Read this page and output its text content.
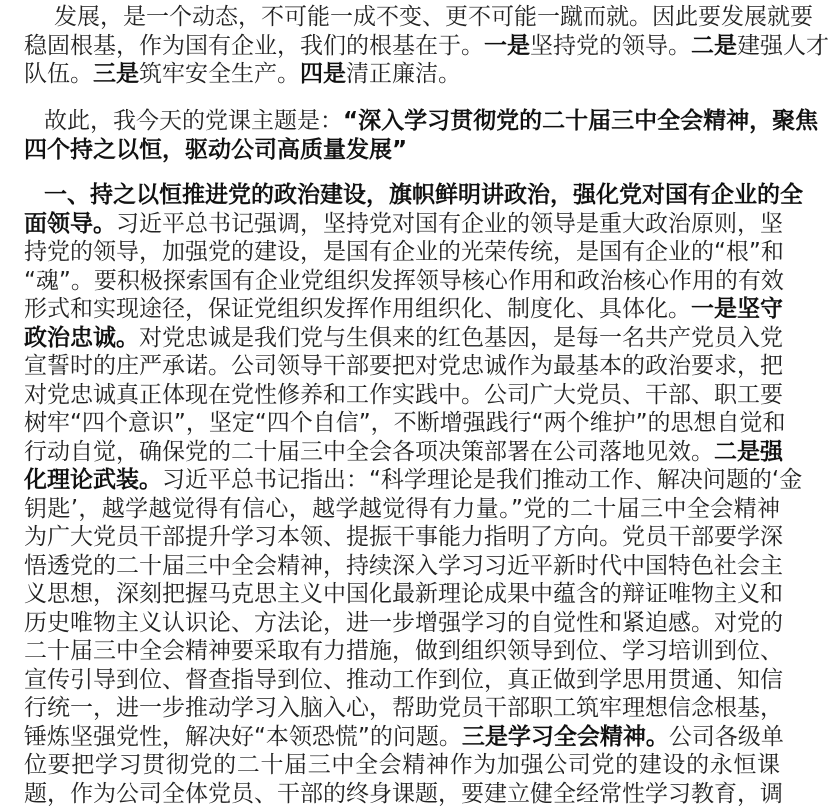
发展，是一个动态，不可能一成不变、更不可能一蹴而就。因此要发展就要
稳固根基，作为国有企业，我们的根基在于。一是坚持党的领导。二是建强人才
队伍。三是筑牢安全生产。四是清正廉洁。
故此，我今天的党课主题是：“深入学习贯彻党的二十届三中全会精神，聚焦
四个持之以恒，驱动公司高质量发展”
一、持之以恒推进党的政治建设，旗帜鲜明讲政治，强化党对国有企业的全
面领导。习近平总书记强调，坚持党对国有企业的领导是重大政治原则，坚
持党的领导，加强党的建设，是国有企业的光荣传统，是国有企业的“根”和
“魂”。要积极探索国有企业党组织发挥领导核心作用和政治核心作用的有效
形式和实现途径，保证党组织发挥作用组织化、制度化、具体化。一是坚守
政治忠诚。对党忠诚是我们党与生俱来的红色基因，是每一名共产党员入党
宣誓时的庄严承诺。公司领导干部要把对党忠诚作为最基本的政治要求，把
对党忠诚真正体现在党性修养和工作实践中。公司广大党员、干部、职工要
树牢“四个意识”，坚定“四个自信”，不断增强践行“两个维护”的思想自觉和
行动自觉，确保党的二十届三中全会各项决策部署在公司落地见效。二是强
化理论武装。习近平总书记指出：“科学理论是我们推动工作、解决问题的‘金
钥匙’，越学越觉得有信心，越学越觉得有力量。”党的二十届三中全会精神
为广大党员干部提升学习本领、提振干事能力指明了方向。党员干部要学深
悟透党的二十届三中全会精神，持续深入学习习近平新时代中国特色社会主
义思想，深刻把握马克思主义中国化最新理论成果中蕴含的辩证唯物主义和
历史唯物主义认识论、方法论，进一步增强学习的自觉性和紧迫感。对党的
二十届三中全会精神要采取有力措施，做到组织领导到位、学习培训到位、
宣传引导到位、督查指导到位、推动工作到位，真正做到学思用贯通、知信
行统一，进一步推动学习入脑入心，帮助党员干部职工筑牢理想信念根基，
锤炼坚强党性，解决好“本领恐慌”的问题。三是学习全会精神。公司各级单
位要把学习贯彻党的二十届三中全会精神作为加强公司党的建设的永恒课
题，作为公司全体党员、干部的终身课题，要建立健全经常性学习教育，调
